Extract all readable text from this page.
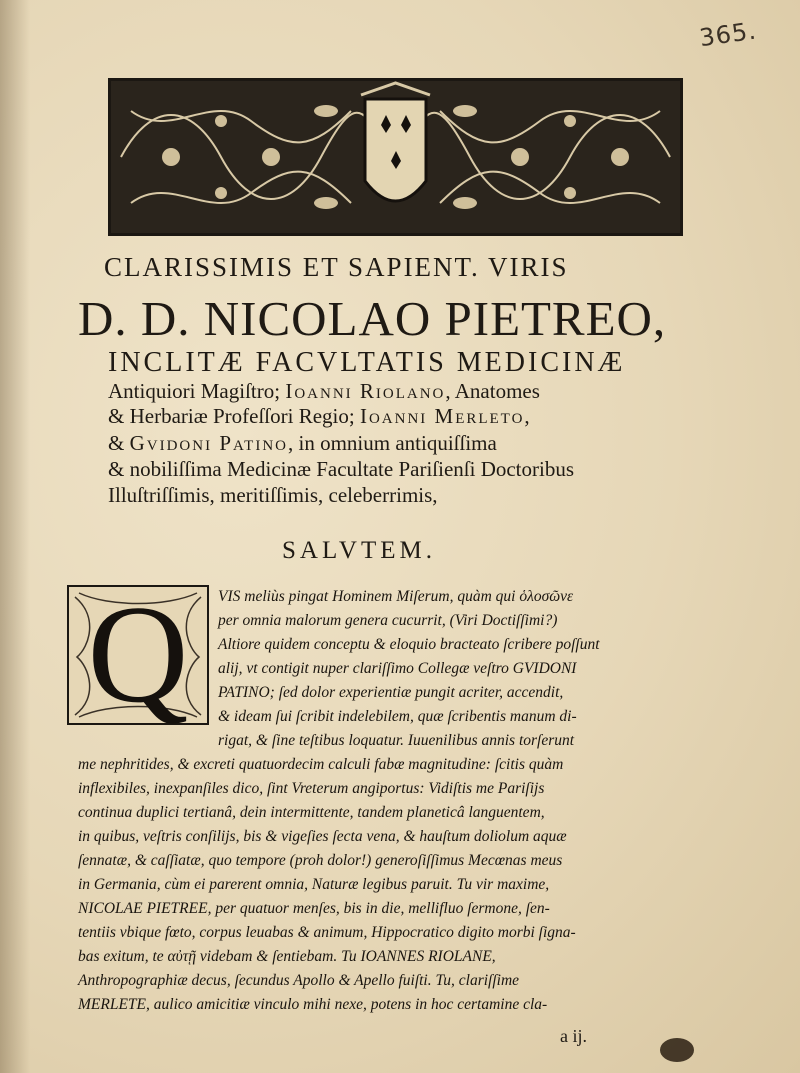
365.
CLARISSIMIS ET SAPIENT. VIRIS
D. D. NICOLAO PIETREO,
INCLITÆ FACVLTATIS MEDICINÆ
Antiquiori Magiſtro; Ioanni Riolano, Anatomes
& Herbariæ Profeſſori Regio; Ioanni Merleto,
& Gvidoni Patino, in omnium antiquiſſima
& nobiliſſima Medicinæ Facultate Pariſienſi Doctoribus
Illuſtriſſimis, meritiſſimis, celeberrimis,
SALVTEM.
Q	VIS meliùs pingat Hominem Miſerum, quàm qui ὁλοσῶνε
per omnia malorum genera cucurrit, (Viri Doctiſſimi?)
Altiore quidem conceptu & eloquio bracteato ſcribere poſſunt
alij, vt contigit nuper clariſſimo Collegæ veſtro GVIDONI
PATINO; ſed dolor experientiæ pungit acriter, accendit,
& ideam ſui ſcribit indelebilem, quæ ſcribentis manum di-
rigat, & ſine teſtibus loquatur. Iuuenilibus annis torſerunt
me nephritides, & excreti quatuordecim calculi fabæ magnitudine: ſcitis quàm
inflexibiles, inexpanſiles dico, ſint Vreterum angiportus: Vidiſtis me Pariſijs
continua duplici tertianâ, dein intermittente, tandem planeticâ languentem,
in quibus, veſtris conſilijs, bis & vigeſies ſecta vena, & hauſtum doliolum aquæ
ſennatæ, & caſſiatæ, quo tempore (proh dolor!) generoſiſſimus Mecœnas meus
in Germania, cùm ei parerent omnia, Naturæ legibus paruit. Tu vir maxime,
NICOLAE PIETREE, per quatuor menſes, bis in die, mellifluo ſermone, ſen-
tentiis vbique fœto, corpus leuabas & animum, Hippocratico digito morbi ſigna-
bas exitum, te αὐτῇ videbam & ſentiebam. Tu IOANNES RIOLANE,
Anthropographiæ decus, ſecundus Apollo & Apello fuiſti. Tu, clariſſime
MERLETE, aulico amicitiæ vinculo mihi nexe, potens in hoc certamine cla-
a ij.
